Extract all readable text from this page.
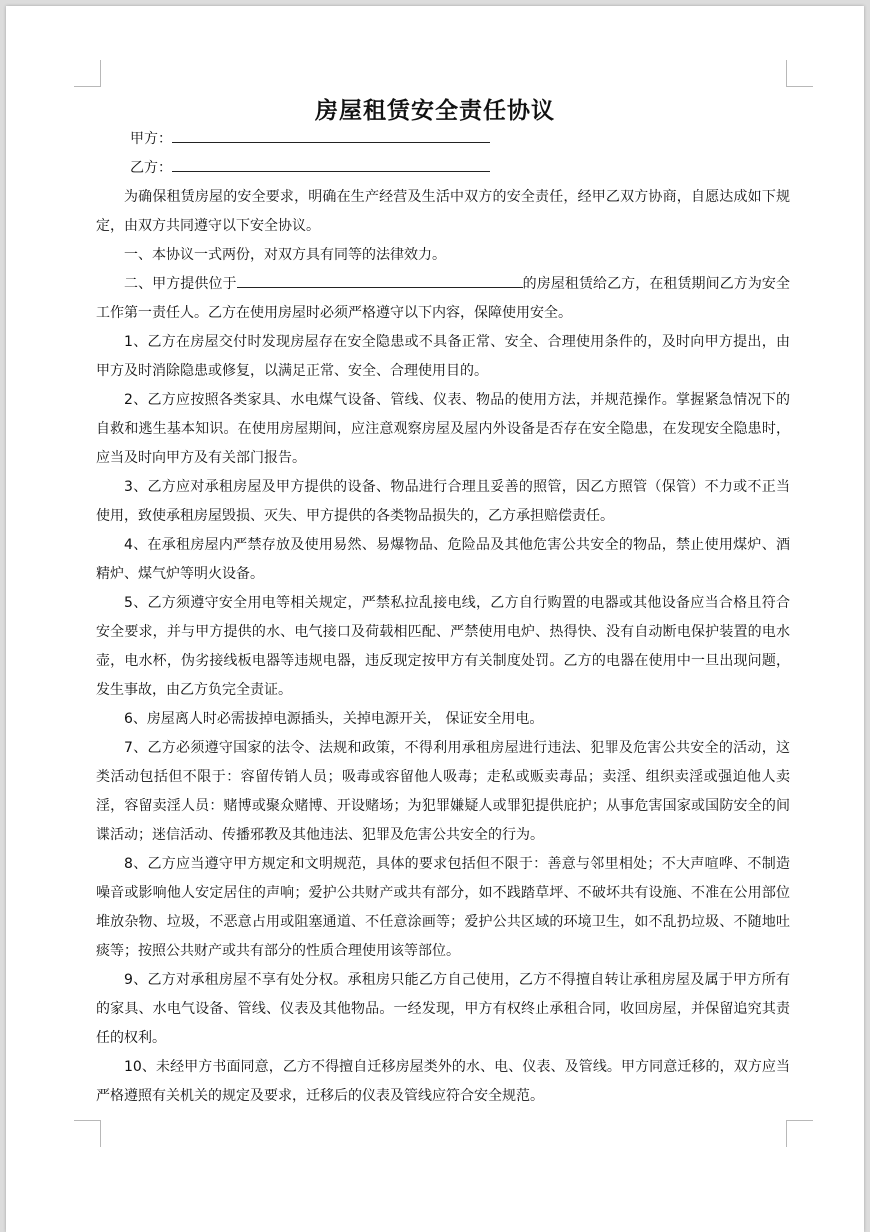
房屋租赁安全责任协议
甲方：
乙方：

为确保租赁房屋的安全要求，明确在生产经营及生活中双方的安全责任，经甲乙双方协商，自愿达成如下规定，由双方共同遵守以下安全协议。

一、本协议一式两份，对双方具有同等的法律效力。

二、甲方提供位于	的房屋租赁给乙方，在租赁期间乙方为安全工作第一责任人。乙方在使用房屋时必须严格遵守以下内容，保障使用安全。

1、乙方在房屋交付时发现房屋存在安全隐患或不具备正常、安全、合理使用条件的，及时向甲方提出，由甲方及时消除隐患或修复，以满足正常、安全、合理使用目的。

2、乙方应按照各类家具、水电煤气设备、管线、仪表、物品的使用方法，并规范操作。掌握紧急情况下的自救和逃生基本知识。在使用房屋期间，应注意观察房屋及屋内外设备是否存在安全隐患，在发现安全隐患时，应当及时向甲方及有关部门报告。

3、乙方应对承租房屋及甲方提供的设备、物品进行合理且妥善的照管，因乙方照管（保管）不力或不正当使用，致使承租房屋毁损、灭失、甲方提供的各类物品损失的，乙方承担赔偿责任。

4、在承租房屋内严禁存放及使用易然、易爆物品、危险品及其他危害公共安全的物品，禁止使用煤炉、酒精炉、煤气炉等明火设备。

5、乙方须遵守安全用电等相关规定，严禁私拉乱接电线，乙方自行购置的电器或其他设备应当合格且符合安全要求，并与甲方提供的水、电气接口及荷载相匹配、严禁使用电炉、热得快、没有自动断电保护装置的电水壶，电水杯，伪劣接线板电器等违规电器，违反现定按甲方有关制度处罚。乙方的电器在使用中一旦出现问题，发生事故，由乙方负完全责证。

6、房屋离人时必需拔掉电源插头，关掉电源开关， 保证安全用电。

7、乙方必须遵守国家的法令、法规和政策，不得利用承租房屋进行违法、犯罪及危害公共安全的活动，这类活动包括但不限于：容留传销人员；吸毒或容留他人吸毒；走私或贩卖毒品；卖淫、组织卖淫或强迫他人卖淫，容留卖淫人员：赌博或聚众赌博、开设赌场；为犯罪嫌疑人或罪犯提供庇护；从事危害国家或国防安全的间谍活动；迷信活动、传播邪教及其他违法、犯罪及危害公共安全的行为。

8、乙方应当遵守甲方规定和文明规范，具体的要求包括但不限于：善意与邻里相处；不大声喧哗、不制造噪音或影响他人安定居住的声响；爱护公共财产或共有部分，如不践踏草坪、不破坏共有设施、不准在公用部位堆放杂物、垃圾，不恶意占用或阻塞通道、不任意涂画等；爱护公共区域的环境卫生，如不乱扔垃圾、不随地吐痰等；按照公共财产或共有部分的性质合理使用该等部位。

9、乙方对承租房屋不享有处分权。承租房只能乙方自己使用，乙方不得擅自转让承租房屋及属于甲方所有的家具、水电气设备、管线、仪表及其他物品。一经发现，甲方有权终止承租合同，收回房屋，并保留追究其责任的权利。

10、未经甲方书面同意，乙方不得擅自迁移房屋类外的水、电、仪表、及管线。甲方同意迁移的，双方应当严格遵照有关机关的规定及要求，迁移后的仪表及管线应符合安全规范。
